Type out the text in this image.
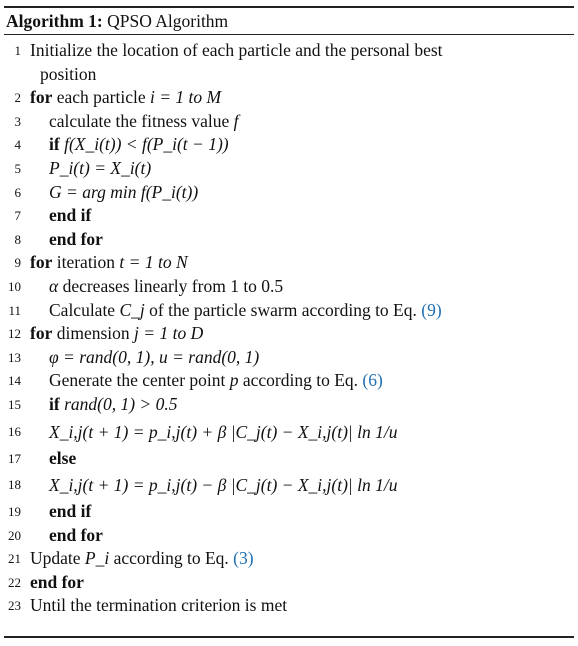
Algorithm 1: QPSO Algorithm
1 Initialize the location of each particle and the personal best
position
2 for each particle i = 1 to M
3 calculate the fitness value f
4 if f(X_i(t)) < f(P_i(t − 1))
5 P_i(t) = X_i(t)
6 G = arg min f(P_i(t))
7 end if
8 end for
9 for iteration t = 1 to N
10 α decreases linearly from 1 to 0.5
11 Calculate C_j of the particle swarm according to Eq. (9)
12 for dimension j = 1 to D
13 φ = rand(0, 1), u = rand(0, 1)
14 Generate the center point p according to Eq. (6)
15 if rand(0, 1) > 0.5
16 X_i,j(t + 1) = p_i,j(t) + β |C_j(t) − X_i,j(t)| ln 1/u
17 else
18 X_i,j(t + 1) = p_i,j(t) − β |C_j(t) − X_i,j(t)| ln 1/u
19 end if
20 end for
21 Update P_i according to Eq. (3)
22 end for
23 Until the termination criterion is met
